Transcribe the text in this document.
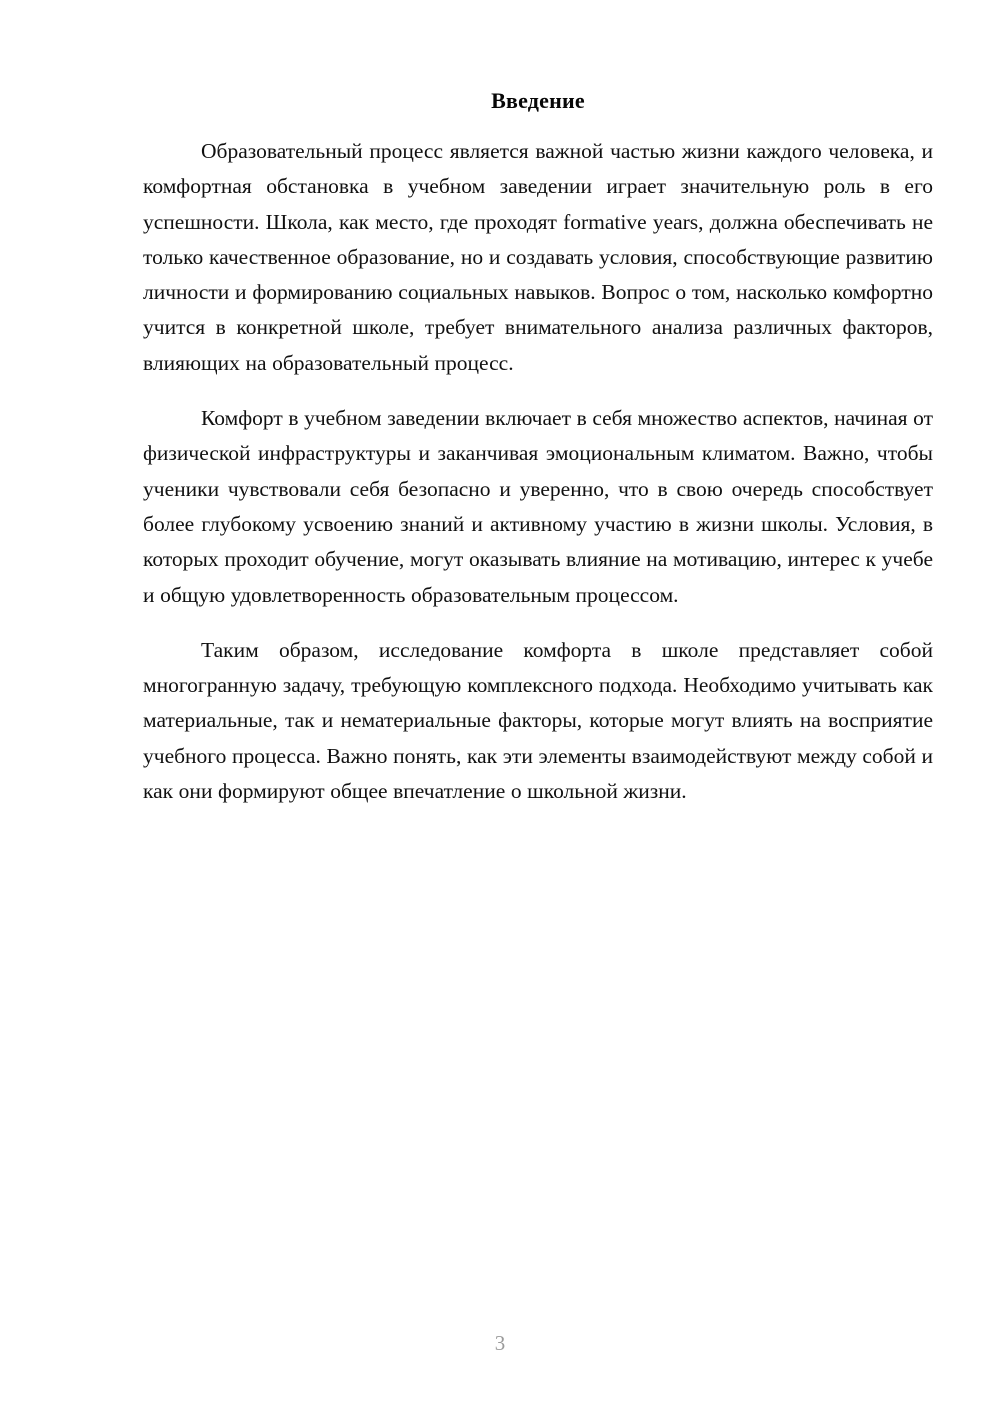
Введение

Образовательный процесс является важной частью жизни каждого человека, и комфортная обстановка в учебном заведении играет значительную роль в его успешности. Школа, как место, где проходят formative years, должна обеспечивать не только качественное образование, но и создавать условия, способствующие развитию личности и формированию социальных навыков. Вопрос о том, насколько комфортно учится в конкретной школе, требует внимательного анализа различных факторов, влияющих на образовательный процесс.

Комфорт в учебном заведении включает в себя множество аспектов, начиная от физической инфраструктуры и заканчивая эмоциональным климатом. Важно, чтобы ученики чувствовали себя безопасно и уверенно, что в свою очередь способствует более глубокому усвоению знаний и активному участию в жизни школы. Условия, в которых проходит обучение, могут оказывать влияние на мотивацию, интерес к учебе и общую удовлетворенность образовательным процессом.

Таким образом, исследование комфорта в школе представляет собой многогранную задачу, требующую комплексного подхода. Необходимо учитывать как материальные, так и нематериальные факторы, которые могут влиять на восприятие учебного процесса. Важно понять, как эти элементы взаимодействуют между собой и как они формируют общее впечатление о школьной жизни.

3
